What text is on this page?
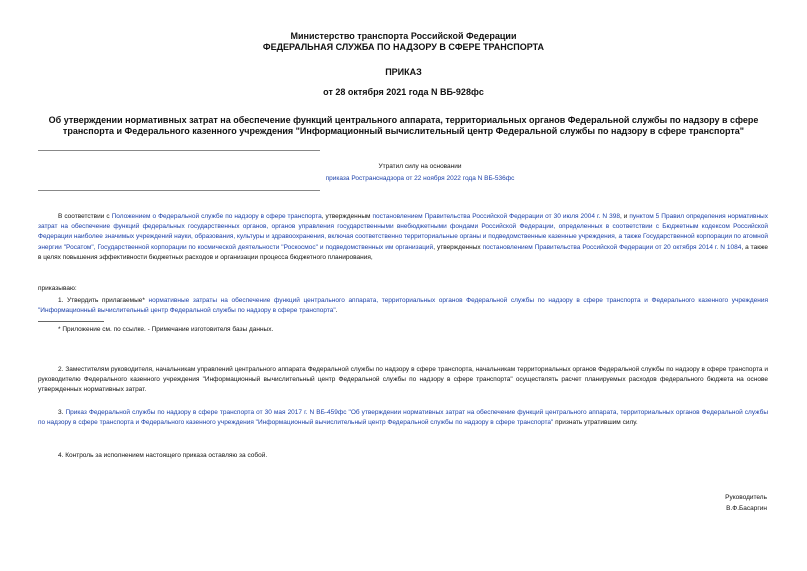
Министерство транспорта Российской Федерации
ФЕДЕРАЛЬНАЯ СЛУЖБА ПО НАДЗОРУ В СФЕРЕ ТРАНСПОРТА
ПРИКАЗ
от 28 октября 2021 года N ВБ-928фс
Об утверждении нормативных затрат на обеспечение функций центрального аппарата, территориальных органов Федеральной службы по надзору в сфере транспорта и Федерального казенного учреждения "Информационный вычислительный центр Федеральной службы по надзору в сфере транспорта"
Утратил силу на основании
приказа Ространснадзора от 22 ноября 2022 года N ВБ-536фс
В соответствии с Положением о Федеральной службе по надзору в сфере транспорта, утвержденным постановлением Правительства Российской Федерации от 30 июля 2004 г. N 398, и пунктом 5 Правил определения нормативных затрат на обеспечение функций федеральных государственных органов, органов управления государственными внебюджетными фондами Российской Федерации, определенных в соответствии с Бюджетным кодексом Российской Федерации наиболее значимых учреждений науки, образования, культуры и здравоохранения, включая соответственно территориальные органы и подведомственные казенные учреждения, а также Государственной корпорации по атомной энергии "Росатом", Государственной корпорации по космической деятельности "Роскосмос" и подведомственных им организаций, утвержденных постановлением Правительства Российской Федерации от 20 октября 2014 г. N 1084, а также в целях повышения эффективности бюджетных расходов и организации процесса бюджетного планирования,
приказываю:
1. Утвердить прилагаемые* нормативные затраты на обеспечение функций центрального аппарата, территориальных органов Федеральной службы по надзору в сфере транспорта и Федерального казенного учреждения "Информационный вычислительный центр Федеральной службы по надзору в сфере транспорта".
* Приложение см. по ссылке. - Примечание изготовителя базы данных.
2. Заместителям руководителя, начальникам управлений центрального аппарата Федеральной службы по надзору в сфере транспорта, начальникам территориальных органов Федеральной службы по надзору в сфере транспорта и руководителю Федерального казенного учреждения "Информационный вычислительный центр Федеральной службы по надзору в сфере транспорта" осуществлять расчет планируемых расходов федерального бюджета на основе утвержденных нормативных затрат.
3. Приказ Федеральной службы по надзору в сфере транспорта от 30 мая 2017 г. N ВБ-459фс "Об утверждении нормативных затрат на обеспечение функций центрального аппарата, территориальных органов Федеральной службы по надзору в сфере транспорта и Федерального казенного учреждения "Информационный вычислительный центр Федеральной службы по надзору в сфере транспорта" признать утратившим силу.
4. Контроль за исполнением настоящего приказа оставляю за собой.
Руководитель
В.Ф.Басаргин
